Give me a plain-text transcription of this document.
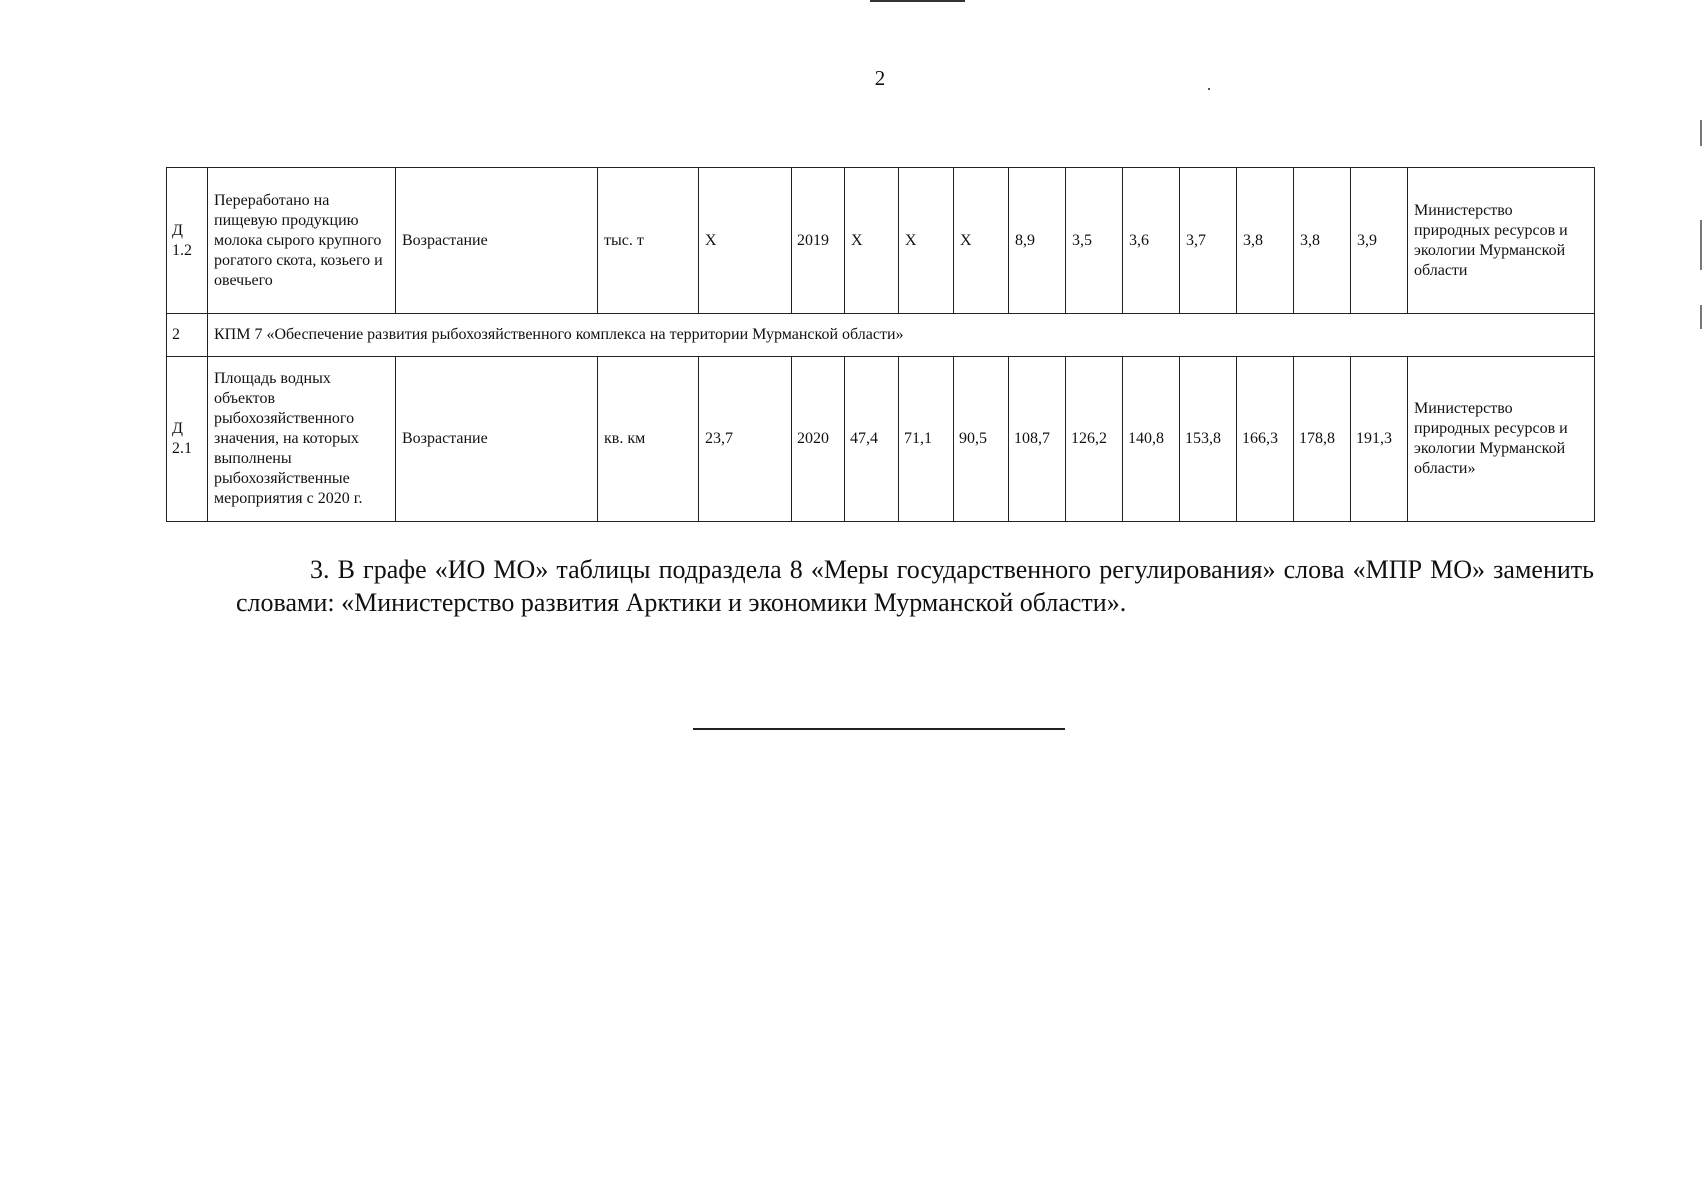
2
Д 1.2	Переработано на пищевую продукцию молока сырого крупного рогатого скота, козьего и овечьего	Возрастание	тыс. т	Х	2019	Х	Х	Х	8,9	3,5	3,6	3,7	3,8	3,8	3,9	Министерство природных ресурсов и экологии Мурманской области
2	КПМ 7 «Обеспечение развития рыбохозяйственного комплекса на территории Мурманской области»															
Д 2.1	Площадь водных объектов рыбохозяйственного значения, на которых выполнены рыбохозяйственные мероприятия с 2020 г.	Возрастание	кв. км	23,7	2020	47,4	71,1	90,5	108,7	126,2	140,8	153,8	166,3	178,8	191,3	Министерство природных ресурсов и экологии Мурманской области»
3. В графе «ИО МО» таблицы подраздела 8 «Меры государственного регулирования» слова «МПР МО» заменить словами: «Министерство развития Арктики и экономики Мурманской области».
